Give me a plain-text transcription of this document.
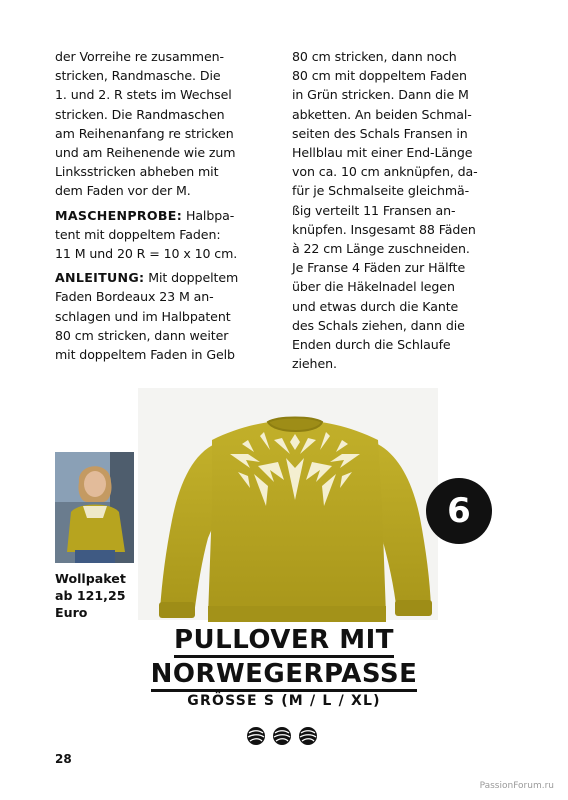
der Vorreihe re zusammen-
stricken, Randmasche. Die
1. und 2. R stets im Wechsel
stricken. Die Randmaschen
am Reihenanfang re stricken
und am Reihenende wie zum
Linksstricken abheben mit
dem Faden vor der M.

MASCHENPROBE: Halbpa-
tent mit doppeltem Faden:
11 M und 20 R = 10 x 10 cm.

ANLEITUNG: Mit doppeltem
Faden Bordeaux 23 M an-
schlagen und im Halbpatent
80 cm stricken, dann weiter
mit doppeltem Faden in Gelb

80 cm stricken, dann noch
80 cm mit doppeltem Faden
in Grün stricken. Dann die M
abketten. An beiden Schmal-
seiten des Schals Fransen in
Hellblau mit einer End-Länge
von ca. 10 cm anknüpfen, da-
für je Schmalseite gleichmä-
ßig verteilt 11 Fransen an-
knüpfen. Insgesamt 88 Fäden
à 22 cm Länge zuschneiden.
Je Franse 4 Fäden zur Hälfte
über die Häkelnadel legen
und etwas durch die Kante
des Schals ziehen, dann die
Enden durch die Schlaufe
ziehen.

Wollpaket
ab 121,25
Euro
6
PULLOVER MIT
NORWEGERPASSE
GRÖSSE S (M / L / XL)
28
PassionForum.ru
